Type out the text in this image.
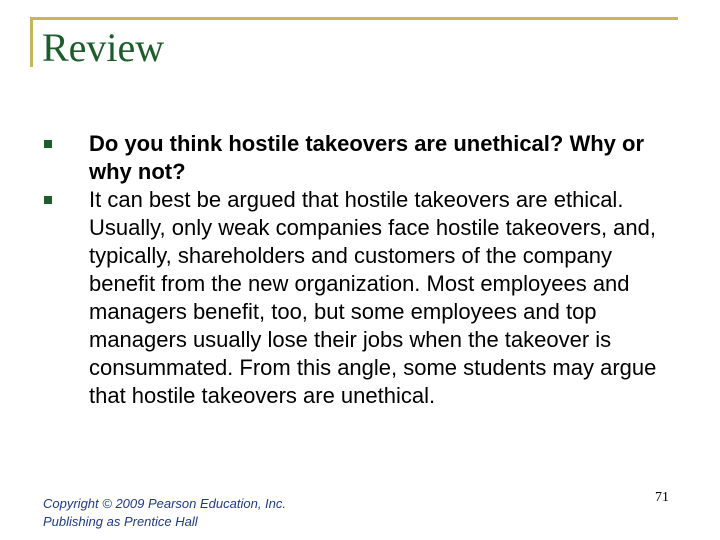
Review
Do you think hostile takeovers are unethical? Why or why not?
It can best be argued that hostile takeovers are ethical. Usually, only weak companies face hostile takeovers, and, typically, shareholders and customers of the company benefit from the new organization. Most employees and managers benefit, too, but some employees and top managers usually lose their jobs when the takeover is consummated. From this angle, some students may argue that hostile takeovers are unethical.
Copyright © 2009 Pearson Education, Inc.
Publishing as Prentice Hall
71
